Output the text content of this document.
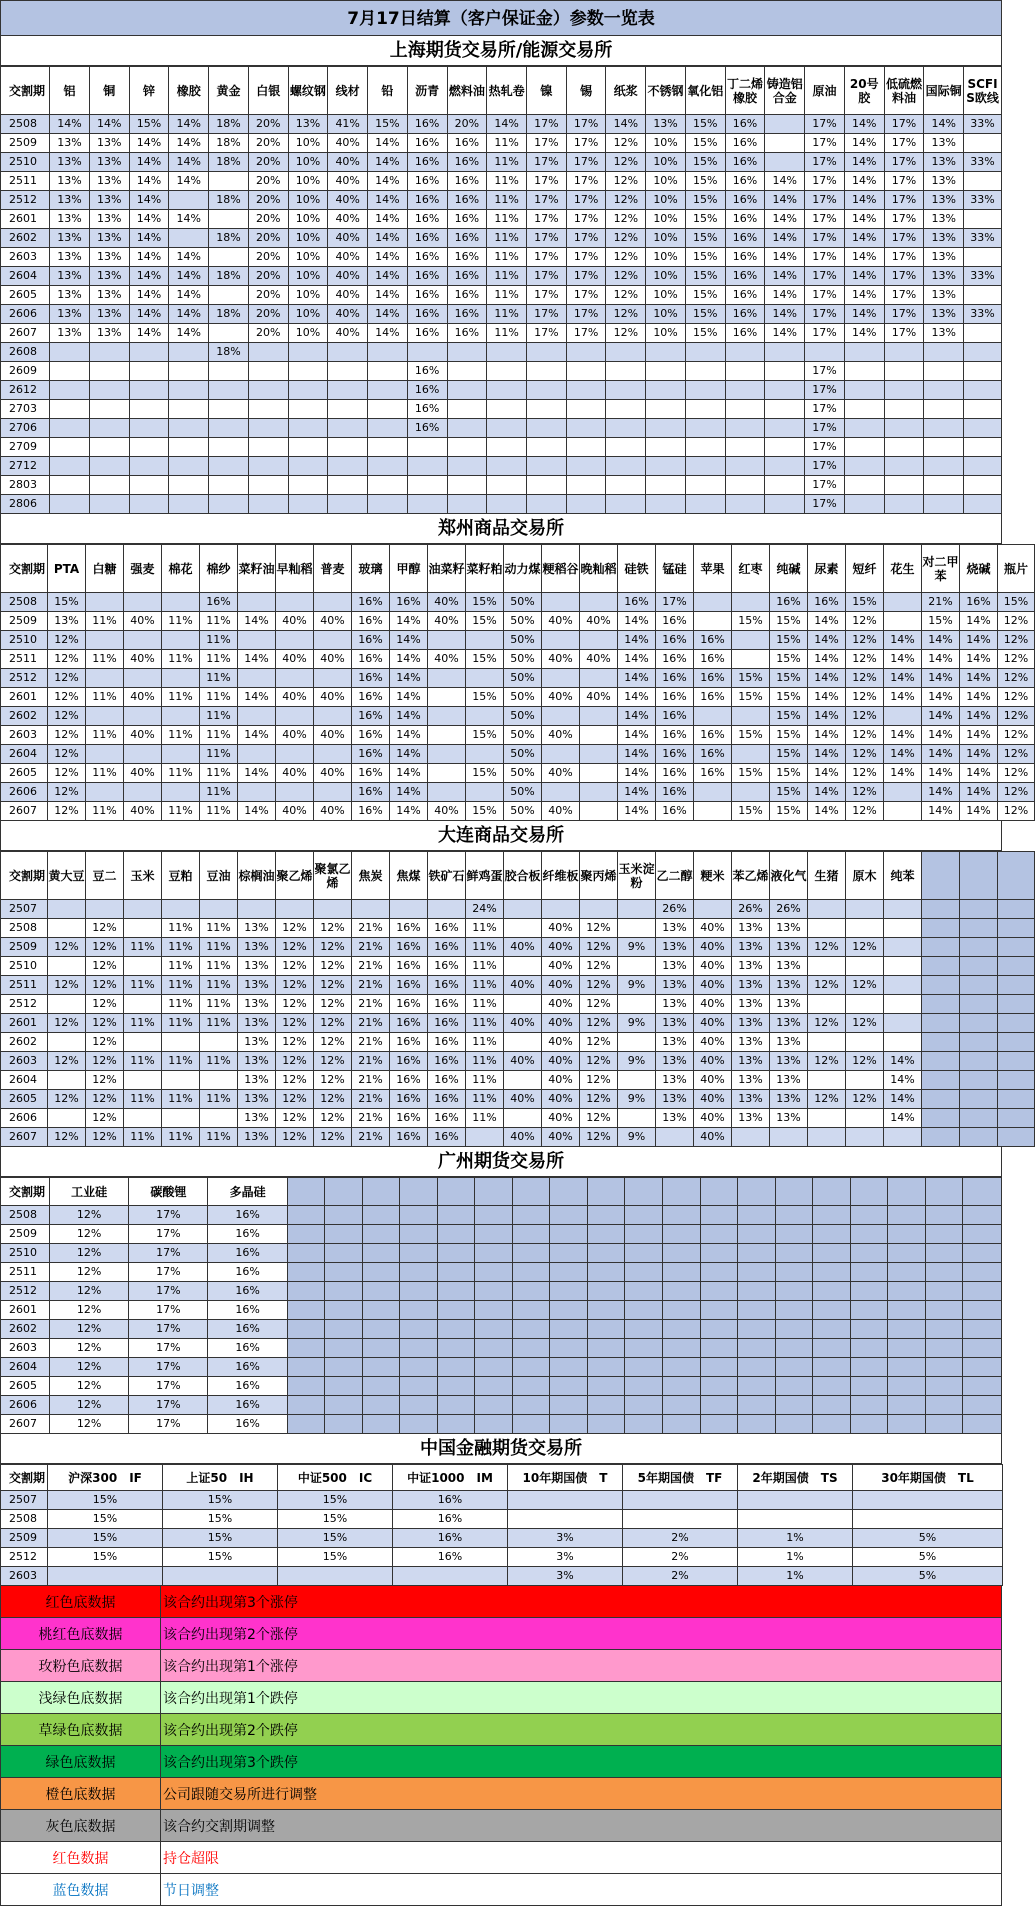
7月17日结算（客户保证金）参数一览表
上海期货交易所/能源交易所
交割期	铝	铜	锌	橡胶	黄金	白银	螺纹钢	线材	铅	沥青	燃料油	热轧卷	镍	锡	纸浆	不锈钢	氧化铝	丁二烯橡胶	铸造铝合金	原油	20号胶	低硫燃料油	国际铜	SCFIS欧线
2508	14%	14%	15%	14%	18%	20%	13%	41%	15%	16%	20%	14%	17%	17%	14%	13%	15%	16%		17%	14%	17%	14%	33%
2509	13%	13%	14%	14%	18%	20%	10%	40%	14%	16%	16%	11%	17%	17%	12%	10%	15%	16%		17%	14%	17%	13%	
2510	13%	13%	14%	14%	18%	20%	10%	40%	14%	16%	16%	11%	17%	17%	12%	10%	15%	16%		17%	14%	17%	13%	33%
2511	13%	13%	14%	14%		20%	10%	40%	14%	16%	16%	11%	17%	17%	12%	10%	15%	16%	14%	17%	14%	17%	13%	
2512	13%	13%	14%		18%	20%	10%	40%	14%	16%	16%	11%	17%	17%	12%	10%	15%	16%	14%	17%	14%	17%	13%	33%
2601	13%	13%	14%	14%		20%	10%	40%	14%	16%	16%	11%	17%	17%	12%	10%	15%	16%	14%	17%	14%	17%	13%	
2602	13%	13%	14%		18%	20%	10%	40%	14%	16%	16%	11%	17%	17%	12%	10%	15%	16%	14%	17%	14%	17%	13%	33%
2603	13%	13%	14%	14%		20%	10%	40%	14%	16%	16%	11%	17%	17%	12%	10%	15%	16%	14%	17%	14%	17%	13%	
2604	13%	13%	14%	14%	18%	20%	10%	40%	14%	16%	16%	11%	17%	17%	12%	10%	15%	16%	14%	17%	14%	17%	13%	33%
2605	13%	13%	14%	14%		20%	10%	40%	14%	16%	16%	11%	17%	17%	12%	10%	15%	16%	14%	17%	14%	17%	13%	
2606	13%	13%	14%	14%	18%	20%	10%	40%	14%	16%	16%	11%	17%	17%	12%	10%	15%	16%	14%	17%	14%	17%	13%	33%
2607	13%	13%	14%	14%		20%	10%	40%	14%	16%	16%	11%	17%	17%	12%	10%	15%	16%	14%	17%	14%	17%	13%	
2608					18%																			
2609										16%										17%				
2612										16%										17%				
2703										16%										17%				
2706										16%										17%				
2709																				17%				
2712																				17%				
2803																				17%				
2806																				17%				
郑州商品交易所
交割期	PTA	白糖	强麦	棉花	棉纱	菜籽油	早籼稻	普麦	玻璃	甲醇	油菜籽	菜籽粕	动力煤	粳稻谷	晚籼稻	硅铁	锰硅	苹果	红枣	纯碱	尿素	短纤	花生	对二甲苯	烧碱	瓶片
2508	15%				16%				16%	16%	40%	15%	50%			16%	17%			16%	16%	15%		21%	16%	15%
2509	13%	11%	40%	11%	11%	14%	40%	40%	16%	14%	40%	15%	50%	40%	40%	14%	16%		15%	15%	14%	12%		15%	14%	12%
2510	12%				11%				16%	14%			50%			14%	16%	16%		15%	14%	12%	14%	14%	14%	12%
2511	12%	11%	40%	11%	11%	14%	40%	40%	16%	14%	40%	15%	50%	40%	40%	14%	16%	16%		15%	14%	12%	14%	14%	14%	12%
2512	12%				11%				16%	14%			50%			14%	16%	16%	15%	15%	14%	12%	14%	14%	14%	12%
2601	12%	11%	40%	11%	11%	14%	40%	40%	16%	14%		15%	50%	40%	40%	14%	16%	16%	15%	15%	14%	12%	14%	14%	14%	12%
2602	12%				11%				16%	14%			50%			14%	16%			15%	14%	12%		14%	14%	12%
2603	12%	11%	40%	11%	11%	14%	40%	40%	16%	14%		15%	50%	40%		14%	16%	16%	15%	15%	14%	12%	14%	14%	14%	12%
2604	12%				11%				16%	14%			50%			14%	16%	16%		15%	14%	12%	14%	14%	14%	12%
2605	12%	11%	40%	11%	11%	14%	40%	40%	16%	14%		15%	50%	40%		14%	16%	16%	15%	15%	14%	12%	14%	14%	14%	12%
2606	12%				11%				16%	14%			50%			14%	16%			15%	14%	12%		14%	14%	12%
2607	12%	11%	40%	11%	11%	14%	40%	40%	16%	14%	40%	15%	50%	40%		14%	16%		15%	15%	14%	12%		14%	14%	12%
大连商品交易所
交割期	黄大豆	豆二	玉米	豆粕	豆油	棕榈油	聚乙烯	聚氯乙烯	焦炭	焦煤	铁矿石	鲜鸡蛋	胶合板	纤维板	聚丙烯	玉米淀粉	乙二醇	粳米	苯乙烯	液化气	生猪	原木	纯苯			
2507												24%					26%		26%	26%						
2508		12%		11%	11%	13%	12%	12%	21%	16%	16%	11%		40%	12%		13%	40%	13%	13%						
2509	12%	12%	11%	11%	11%	13%	12%	12%	21%	16%	16%	11%	40%	40%	12%	9%	13%	40%	13%	13%	12%	12%				
2510		12%		11%	11%	13%	12%	12%	21%	16%	16%	11%		40%	12%		13%	40%	13%	13%						
2511	12%	12%	11%	11%	11%	13%	12%	12%	21%	16%	16%	11%	40%	40%	12%	9%	13%	40%	13%	13%	12%	12%				
2512		12%		11%	11%	13%	12%	12%	21%	16%	16%	11%		40%	12%		13%	40%	13%	13%						
2601	12%	12%	11%	11%	11%	13%	12%	12%	21%	16%	16%	11%	40%	40%	12%	9%	13%	40%	13%	13%	12%	12%				
2602		12%				13%	12%	12%	21%	16%	16%	11%		40%	12%		13%	40%	13%	13%						
2603	12%	12%	11%	11%	11%	13%	12%	12%	21%	16%	16%	11%	40%	40%	12%	9%	13%	40%	13%	13%	12%	12%	14%			
2604		12%				13%	12%	12%	21%	16%	16%	11%		40%	12%		13%	40%	13%	13%			14%			
2605	12%	12%	11%	11%	11%	13%	12%	12%	21%	16%	16%	11%	40%	40%	12%	9%	13%	40%	13%	13%	12%	12%	14%			
2606		12%				13%	12%	12%	21%	16%	16%	11%		40%	12%		13%	40%	13%	13%			14%			
2607	12%	12%	11%	11%	11%	13%	12%	12%	21%	16%	16%		40%	40%	12%	9%		40%								
广州期货交易所
交割期	工业硅	碳酸锂	多晶硅																			
2508	12%	17%	16%																			
2509	12%	17%	16%																			
2510	12%	17%	16%																			
2511	12%	17%	16%																			
2512	12%	17%	16%																			
2601	12%	17%	16%																			
2602	12%	17%	16%																			
2603	12%	17%	16%																			
2604	12%	17%	16%																			
2605	12%	17%	16%																			
2606	12%	17%	16%																			
2607	12%	17%	16%																			
中国金融期货交易所
交割期	沪深300　IF	上证50　IH	中证500　IC	中证1000　IM	10年期国债　T	5年期国债　TF	2年期国债　TS	30年期国债　TL
2507	15%	15%	15%	16%				
2508	15%	15%	15%	16%				
2509	15%	15%	15%	16%	3%	2%	1%	5%
2512	15%	15%	15%	16%	3%	2%	1%	5%
2603					3%	2%	1%	5%
红色底数据	该合约出现第3个涨停
桃红色底数据	该合约出现第2个涨停
玫粉色底数据	该合约出现第1个涨停
浅绿色底数据	该合约出现第1个跌停
草绿色底数据	该合约出现第2个跌停
绿色底数据	该合约出现第3个跌停
橙色底数据	公司跟随交易所进行调整
灰色底数据	该合约交割期调整
红色数据	持仓超限
蓝色数据	节日调整
